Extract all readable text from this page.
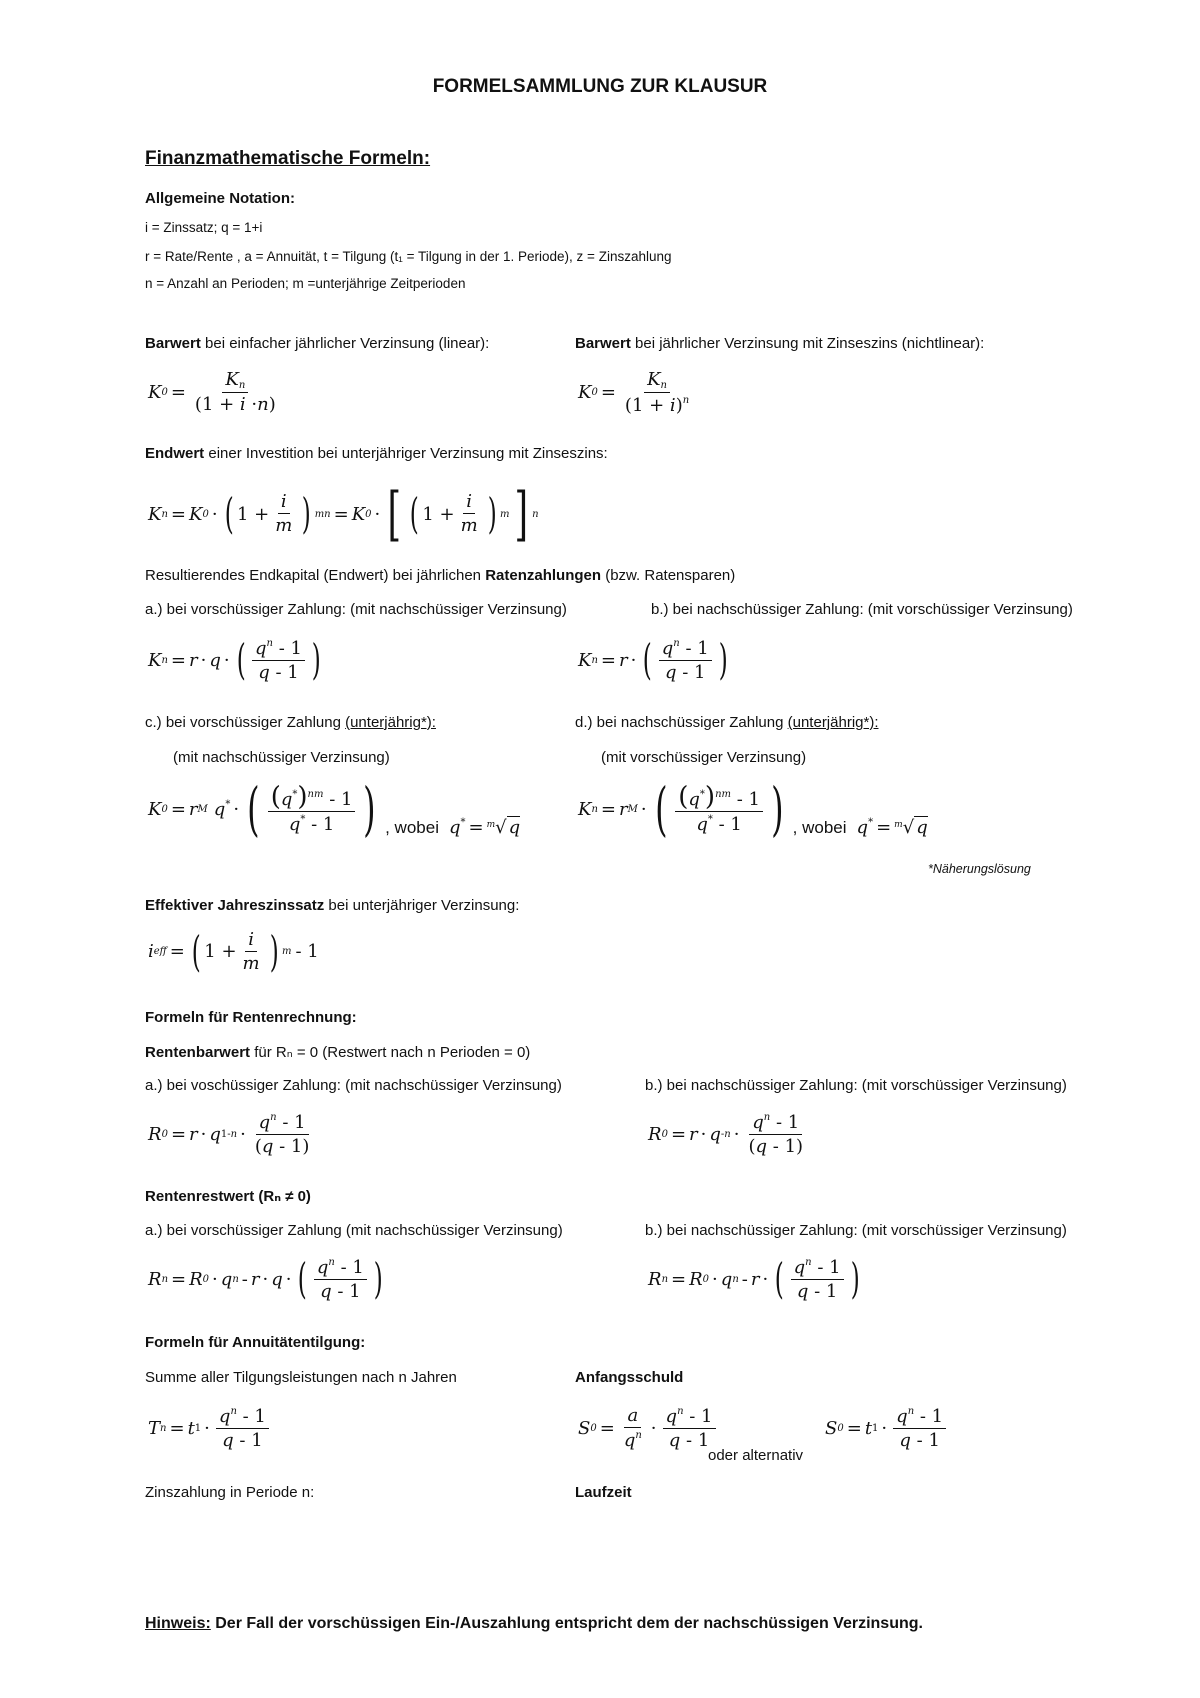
FORMELSAMMLUNG ZUR KLAUSUR
Finanzmathematische Formeln:
Allgemeine Notation:
i = Zinssatz; q = 1+i
r = Rate/Rente , a = Annuität, t = Tilgung (t₁ = Tilgung in der 1. Periode), z = Zinszahlung
n = Anzahl an Perioden; m =unterjährige Zeitperioden
Barwert bei einfacher jährlicher Verzinsung (linear):	Barwert bei jährlicher Verzinsung mit Zinseszins (nichtlinear):
K $0 = \frac{K_n}{(1 + i \cdot n)}$	K $0 = \frac{K_n}{(1 + i)^n}$
Endwert einer Investition bei unterjähriger Verzinsung mit Zinseszins:
K n = K 0 · ( $1 + \frac{i}{m}$ ) mn = K 0 · [ ( $1 + \frac{i}{m}$ ) m ] n
Resultierendes Endkapital (Endwert) bei jährlichen Ratenzahlungen (bzw. Ratensparen)
a.) bei vorschüssiger Zahlung: (mit nachschüssiger Verzinsung)	b.) bei nachschüssiger Zahlung: (mit vorschüssiger Verzinsung)
K n = r · q · ( $\frac{q^n - 1}{q - 1}$ )	K n = r · ( $\frac{q^n - 1}{q - 1}$ )
c.) bei vorschüssiger Zahlung (unterjährig*):	d.) bei nachschüssiger Zahlung (unterjährig*):
(mit nachschüssiger Verzinsung)	(mit vorschüssiger Verzinsung)
K 0 = r M q* · ( $\frac{(q^*)^{nm} - 1}{q^* - 1}$ ) , wobei q* = $^m$√ q
K n = r M · ( $\frac{(q^*)^{nm} - 1}{q^* - 1}$ ) , wobei q* = $^m$√ q
*Näherungslösung
Effektiver Jahreszinssatz bei unterjähriger Verzinsung:
i eff = ( $1 + \frac{i}{m}$ ) m - 1
Formeln für Rentenrechnung:
Rentenbarwert für Rₙ = 0 (Restwert nach n Perioden = 0)
a.) bei voschüssiger Zahlung: (mit nachschüssiger Verzinsung)	b.) bei nachschüssiger Zahlung: (mit vorschüssiger Verzinsung)
R 0 = r · q $1-n \cdot \frac{q^n - 1}{(q - 1)}$	R 0 = r · q $-n \cdot \frac{q^n - 1}{(q - 1)}$
Rentenrestwert (Rₙ ≠ 0)
a.) bei vorschüssiger Zahlung (mit nachschüssiger Verzinsung)	b.) bei nachschüssiger Zahlung: (mit vorschüssiger Verzinsung)
R n = R 0 · q n - r · q · ( $\frac{q^n - 1}{q - 1}$ )	R n = R 0 · q n - r · ( $\frac{q^n - 1}{q - 1}$ )
Formeln für Annuitätentilgung:
Summe aller Tilgungsleistungen nach n Jahren	Anfangsschuld
T n = t $1 \cdot \frac{q^n - 1}{q - 1}$	S $0 = \frac{a}{q^n} \cdot \frac{q^n - 1}{q - 1}$
oder alternativ
S 0 = t $1 \cdot \frac{q^n - 1}{q - 1}$
Zinszahlung in Periode n:	Laufzeit
Hinweis: Der Fall der vorschüssigen Ein-/Auszahlung entspricht dem der nachschüssigen Verzinsung.
